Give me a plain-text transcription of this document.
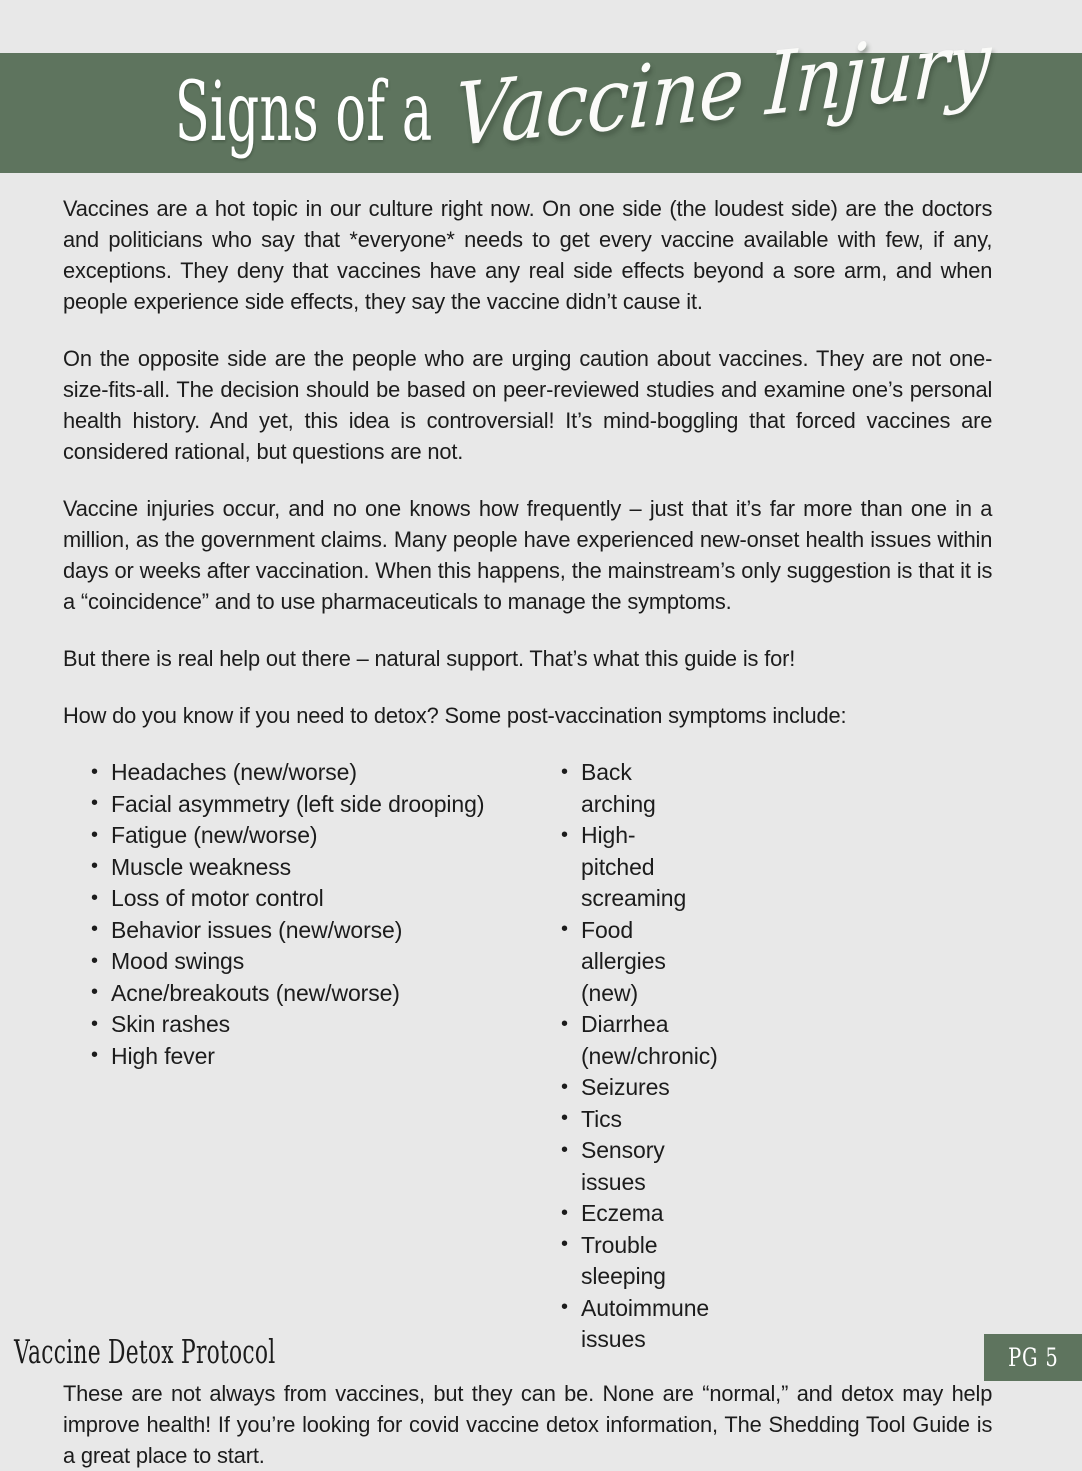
Signs of a Vaccine Injury

Vaccines are a hot topic in our culture right now. On one side (the loudest side) are the doctors and politicians who say that *everyone* needs to get every vaccine available with few, if any, exceptions. They deny that vaccines have any real side effects beyond a sore arm, and when people experience side effects, they say the vaccine didn’t cause it.

On the opposite side are the people who are urging caution about vaccines. They are not one-size-fits-all. The decision should be based on peer-reviewed studies and examine one’s personal health history. And yet, this idea is controversial! It’s mind-boggling that forced vaccines are considered rational, but questions are not.

Vaccine injuries occur, and no one knows how frequently – just that it’s far more than one in a million, as the government claims. Many people have experienced new-onset health issues within days or weeks after vaccination. When this happens, the mainstream’s only suggestion is that it is a “coincidence” and to use pharmaceuticals to manage the symptoms.

But there is real help out there – natural support. That’s what this guide is for!

How do you know if you need to detox? Some post-vaccination symptoms include:

• Headaches (new/worse)
• Facial asymmetry (left side drooping)
• Fatigue (new/worse)
• Muscle weakness
• Loss of motor control
• Behavior issues (new/worse)
• Mood swings
• Acne/breakouts (new/worse)
• Skin rashes
• High fever
• Back arching
• High-pitched screaming
• Food allergies (new)
• Diarrhea (new/chronic)
• Seizures
• Tics
• Sensory issues
• Eczema
• Trouble sleeping
• Autoimmune issues

These are not always from vaccines, but they can be. None are “normal,” and detox may help improve health! If you’re looking for covid vaccine detox information, The Shedding Tool Guide is a great place to start.

Vaccine Detox Protocol	PG 5
